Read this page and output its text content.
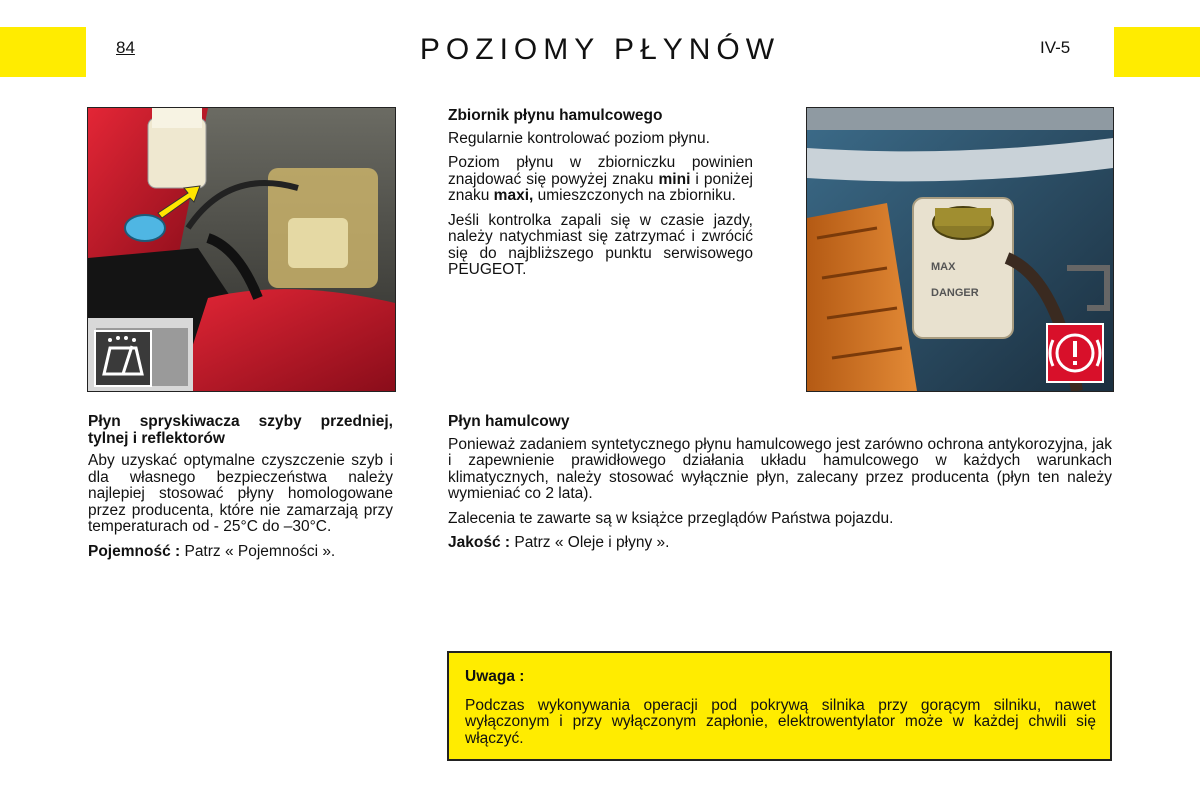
84	POZIOMY PŁYNÓW	IV-5
MAX
DANGER
Zbiornik płynu hamulcowego

Regularnie kontrolować poziom płynu.

Poziom płynu w zbiorniczku powinien znajdować się powyżej znaku mini i poniżej znaku maxi, umieszczonych na zbiorniku.

Jeśli kontrolka zapali się w czasie jazdy, należy natychmiast się zatrzymać i zwrócić się do najbliższego punktu serwisowego PEUGEOT.

Płyn spryskiwacza szyby przedniej, tylnej i reflektorów

Aby uzyskać optymalne czyszczenie szyb i dla własnego bezpieczeństwa należy najlepiej stosować płyny homologowane przez producenta, które nie zamarzają przy temperaturach od - 25°C do –30°C.

Pojemność : Patrz « Pojemności ».

Płyn hamulcowy

Ponieważ zadaniem syntetycznego płynu hamulcowego jest zarówno ochrona antykorozyjna, jak i zapewnienie prawidłowego działania układu hamulcowego w każdych warunkach klimatycznych, należy stosować wyłącznie płyn, zalecany przez producenta (płyn ten należy wymieniać co 2 lata).

Zalecenia te zawarte są w książce przeglądów Państwa pojazdu.

Jakość : Patrz « Oleje i płyny ».

Uwaga :

Podczas wykonywania operacji pod pokrywą silnika przy gorącym silniku, nawet wyłączonym i przy wyłączonym zapłonie, elektrowentylator może w każdej chwili się włączyć.
